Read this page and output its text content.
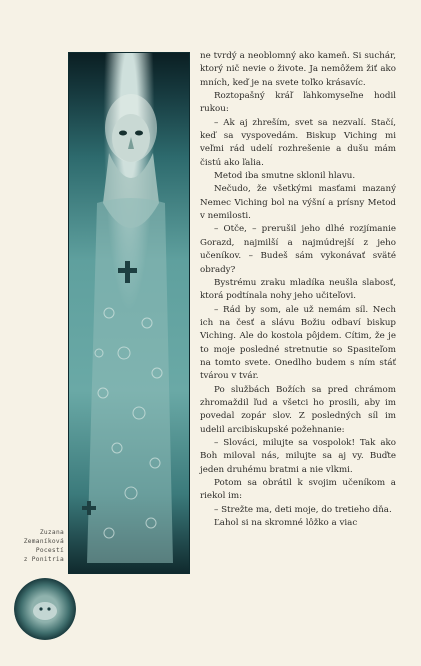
Zuzana
Zemaníková
Pocestí
z Ponitria

ne tvrdý a neoblomný ako kameň. Si suchár, ktorý nič nevie o živote. Ja nemôžem žiť ako mních, keď je na svete toľko krásavíc.

Roztopašný kráľ ľahkomyseľne hodil rukou:

– Ak aj zhreším, svet sa nezvalí. Stačí, keď sa vyspovedám. Biskup Viching mi veľmi rád udelí rozhrešenie a dušu mám čistú ako ľalia.

Metod iba smutne sklonil hlavu.

Nečudo, že všetkými masťami mazaný Nemec Viching bol na výšní a prísny Metod v nemilosti.

– Otče, – prerušil jeho dlhé rozjímanie Gorazd, najmilší a najmúdrejší z jeho učeníkov. – Budeš sám vykonávať sväté obrady?

Bystrému zraku mladíka neušla slabosť, ktorá podtínala nohy jeho učiteľovi.

– Rád by som, ale už nemám síl. Nech ich na česť a slávu Božiu odbaví biskup Viching. Ale do kostola pôjdem. Cítim, že je to moje posledné stretnutie so Spasiteľom na tomto svete. Onedlho budem s ním stáť tvárou v tvár.

Po službách Božích sa pred chrámom zhromaždil ľud a všetci ho prosili, aby im povedal zopár slov. Z posledných síl im udelil arcibiskupské požehnanie:

– Slováci, milujte sa vospolok! Tak ako Boh miloval nás, milujte sa aj vy. Buďte jeden druhému bratmi a nie vlkmi.

Potom sa obrátil k svojim učeníkom a riekol im:

– Strežte ma, deti moje, do tretieho dňa.

Ľahol si na skromné lôžko a viac
